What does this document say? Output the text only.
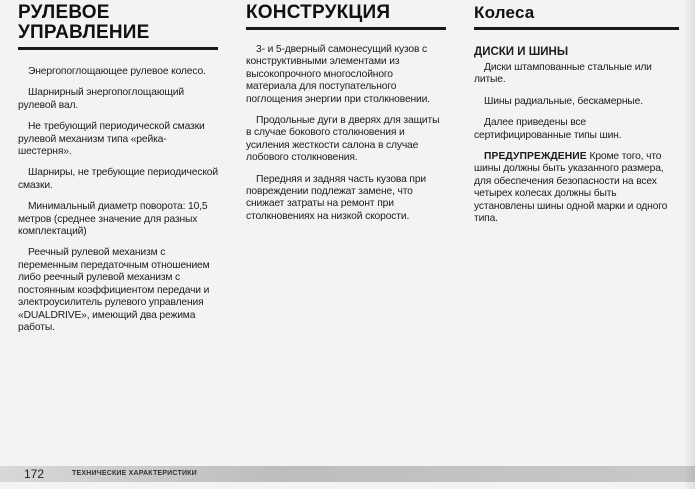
РУЛЕВОЕ
УПРАВЛЕНИЕ

Энергопоглощающее рулевое колесо.

Шарнирный энергопоглощающий рулевой вал.

Не требующий периодической смазки рулевой механизм типа «рейка-шестерня».

Шарниры, не требующие периодической смазки.

Минимальный диаметр поворота: 10,5 метров (среднее значение для разных комплектаций)

Реечный рулевой механизм с переменным передаточным отношением либо реечный рулевой механизм с постоянным коэффициентом передачи и электроусилитель рулевого управления «DUALDRIVE», имеющий два режима работы.

КОНСТРУКЦИЯ

3- и 5-дверный самонесущий кузов с конструктивными элементами из высокопрочного многослойного материала для поступательного поглощения энергии при столкновении.

Продольные дуги в дверях для защиты в случае бокового столкновения и усиления жесткости салона в случае лобового столкновения.

Передняя и задняя часть кузова при повреждении подлежат замене, что снижает затраты на ремонт при столкновениях на низкой скорости.

Колеса
ДИСКИ И ШИНЫ

Диски штампованные стальные или литые.

Шины радиальные, бескамерные.

Далее приведены все сертифицированные типы шин.

ПРЕДУПРЕЖДЕНИЕ Кроме того, что шины должны быть указанного размера, для обеспечения безопасности на всех четырех колесах должны быть установлены шины одной марки и одного типа.

172	ТЕХНИЧЕСКИЕ ХАРАКТЕРИСТИКИ
